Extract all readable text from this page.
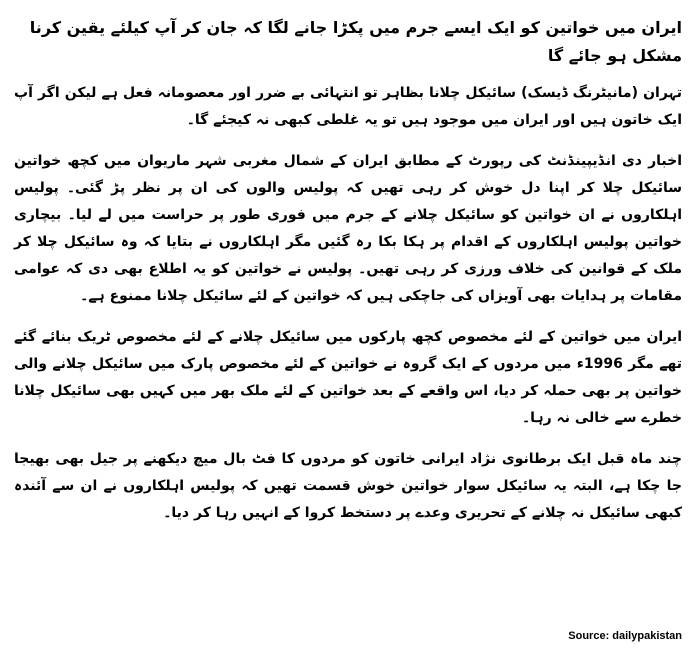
ایران میں خواتین کو ایک ایسے جرم میں پکڑا جانے لگا کہ جان کر آپ کیلئے یقین کرنا مشکل ہو جائے گا

تہران (مانیٹرنگ ڈیسک) سائیکل چلانا بظاہر تو انتہائی بے ضرر اور معصومانہ فعل ہے لیکن اگر آپ ایک خاتون ہیں اور ایران میں موجود ہیں تو یہ غلطی کبھی نہ کیجئے گا۔

اخبار دی انڈیپینڈنٹ کی رپورٹ کے مطابق ایران کے شمال مغربی شہر ماریوان میں کچھ خواتین سائیکل چلا کر اپنا دل خوش کر رہی تھیں کہ پولیس والوں کی ان پر نظر پڑ گئی۔ پولیس اہلکاروں نے ان خواتین کو سائیکل چلانے کے جرم میں فوری طور پر حراست میں لے لیا۔ بیچاری خواتین پولیس اہلکاروں کے اقدام پر ہکا بکا رہ گئیں مگر اہلکاروں نے بتایا کہ وہ سائیکل چلا کر ملک کے قوانین کی خلاف ورزی کر رہی تھیں۔ پولیس نے خواتین کو یہ اطلاع بھی دی کہ عوامی مقامات پر ہدایات بھی آویزاں کی جاچکی ہیں کہ خواتین کے لئے سائیکل چلانا ممنوع ہے۔

ایران میں خواتین کے لئے مخصوص کچھ پارکوں میں سائیکل چلانے کے لئے مخصوص ٹریک بنائے گئے تھے مگر 1996ء میں مردوں کے ایک گروہ نے خواتین کے لئے مخصوص پارک میں سائیکل چلانے والی خواتین پر بھی حملہ کر دیا، اس واقعے کے بعد خواتین کے لئے ملک بھر میں کہیں بھی سائیکل چلانا خطرے سے خالی نہ رہا۔

چند ماہ قبل ایک برطانوی نژاد ایرانی خاتون کو مردوں کا فٹ بال میچ دیکھنے پر جیل بھی بھیجا جا چکا ہے، البتہ یہ سائیکل سوار خواتین خوش قسمت تھیں کہ پولیس اہلکاروں نے ان سے آئندہ کبھی سائیکل نہ چلانے کے تحریری وعدے پر دستخط کروا کے انہیں رہا کر دیا۔

Source: dailypakistan
